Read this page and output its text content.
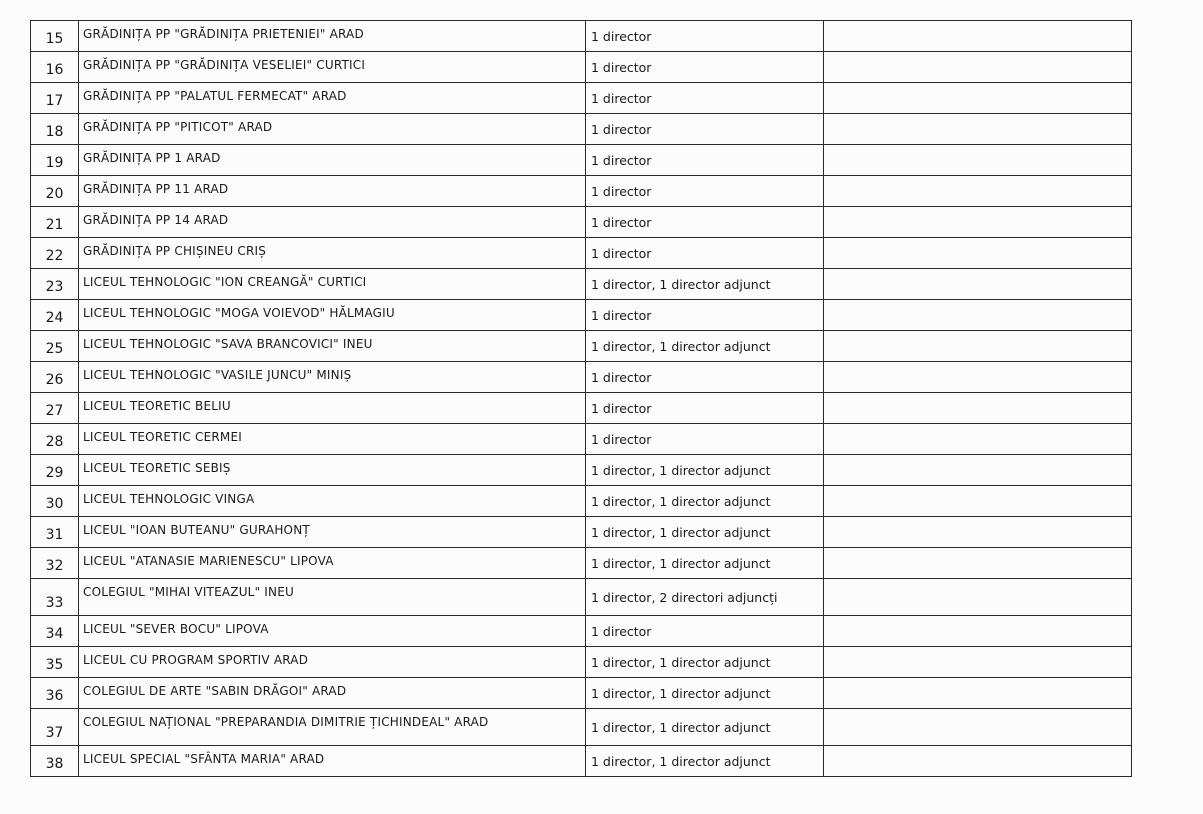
15	GRĂDINIȚA PP "GRĂDINIȚA PRIETENIEI" ARAD	1 director	
16	GRĂDINIȚA PP "GRĂDINIȚA VESELIEI" CURTICI	1 director	
17	GRĂDINIȚA PP "PALATUL FERMECAT" ARAD	1 director	
18	GRĂDINIȚA PP "PITICOT" ARAD	1 director	
19	GRĂDINIȚA PP 1 ARAD	1 director	
20	GRĂDINIȚA PP 11 ARAD	1 director	
21	GRĂDINIȚA PP 14 ARAD	1 director	
22	GRĂDINIȚA PP CHIȘINEU CRIȘ	1 director	
23	LICEUL TEHNOLOGIC "ION CREANGĂ" CURTICI	1 director, 1 director adjunct	
24	LICEUL TEHNOLOGIC "MOGA VOIEVOD" HĂLMAGIU	1 director	
25	LICEUL TEHNOLOGIC "SAVA BRANCOVICI" INEU	1 director, 1 director adjunct	
26	LICEUL TEHNOLOGIC "VASILE JUNCU" MINIȘ	1 director	
27	LICEUL TEORETIC BELIU	1 director	
28	LICEUL TEORETIC CERMEI	1 director	
29	LICEUL TEORETIC SEBIȘ	1 director, 1 director adjunct	
30	LICEUL TEHNOLOGIC VINGA	1 director, 1 director adjunct	
31	LICEUL "IOAN BUTEANU" GURAHONȚ	1 director, 1 director adjunct	
32	LICEUL "ATANASIE MARIENESCU" LIPOVA	1 director, 1 director adjunct	
33	COLEGIUL "MIHAI VITEAZUL" INEU	1 director, 2 directori adjuncți	
34	LICEUL "SEVER BOCU" LIPOVA	1 director	
35	LICEUL CU PROGRAM SPORTIV ARAD	1 director, 1 director adjunct	
36	COLEGIUL DE ARTE "SABIN DRĂGOI" ARAD	1 director, 1 director adjunct	
37	COLEGIUL NAȚIONAL "PREPARANDIA DIMITRIE ȚICHINDEAL" ARAD	1 director, 1 director adjunct	
38	LICEUL SPECIAL "SFÂNTA MARIA" ARAD	1 director, 1 director adjunct	
